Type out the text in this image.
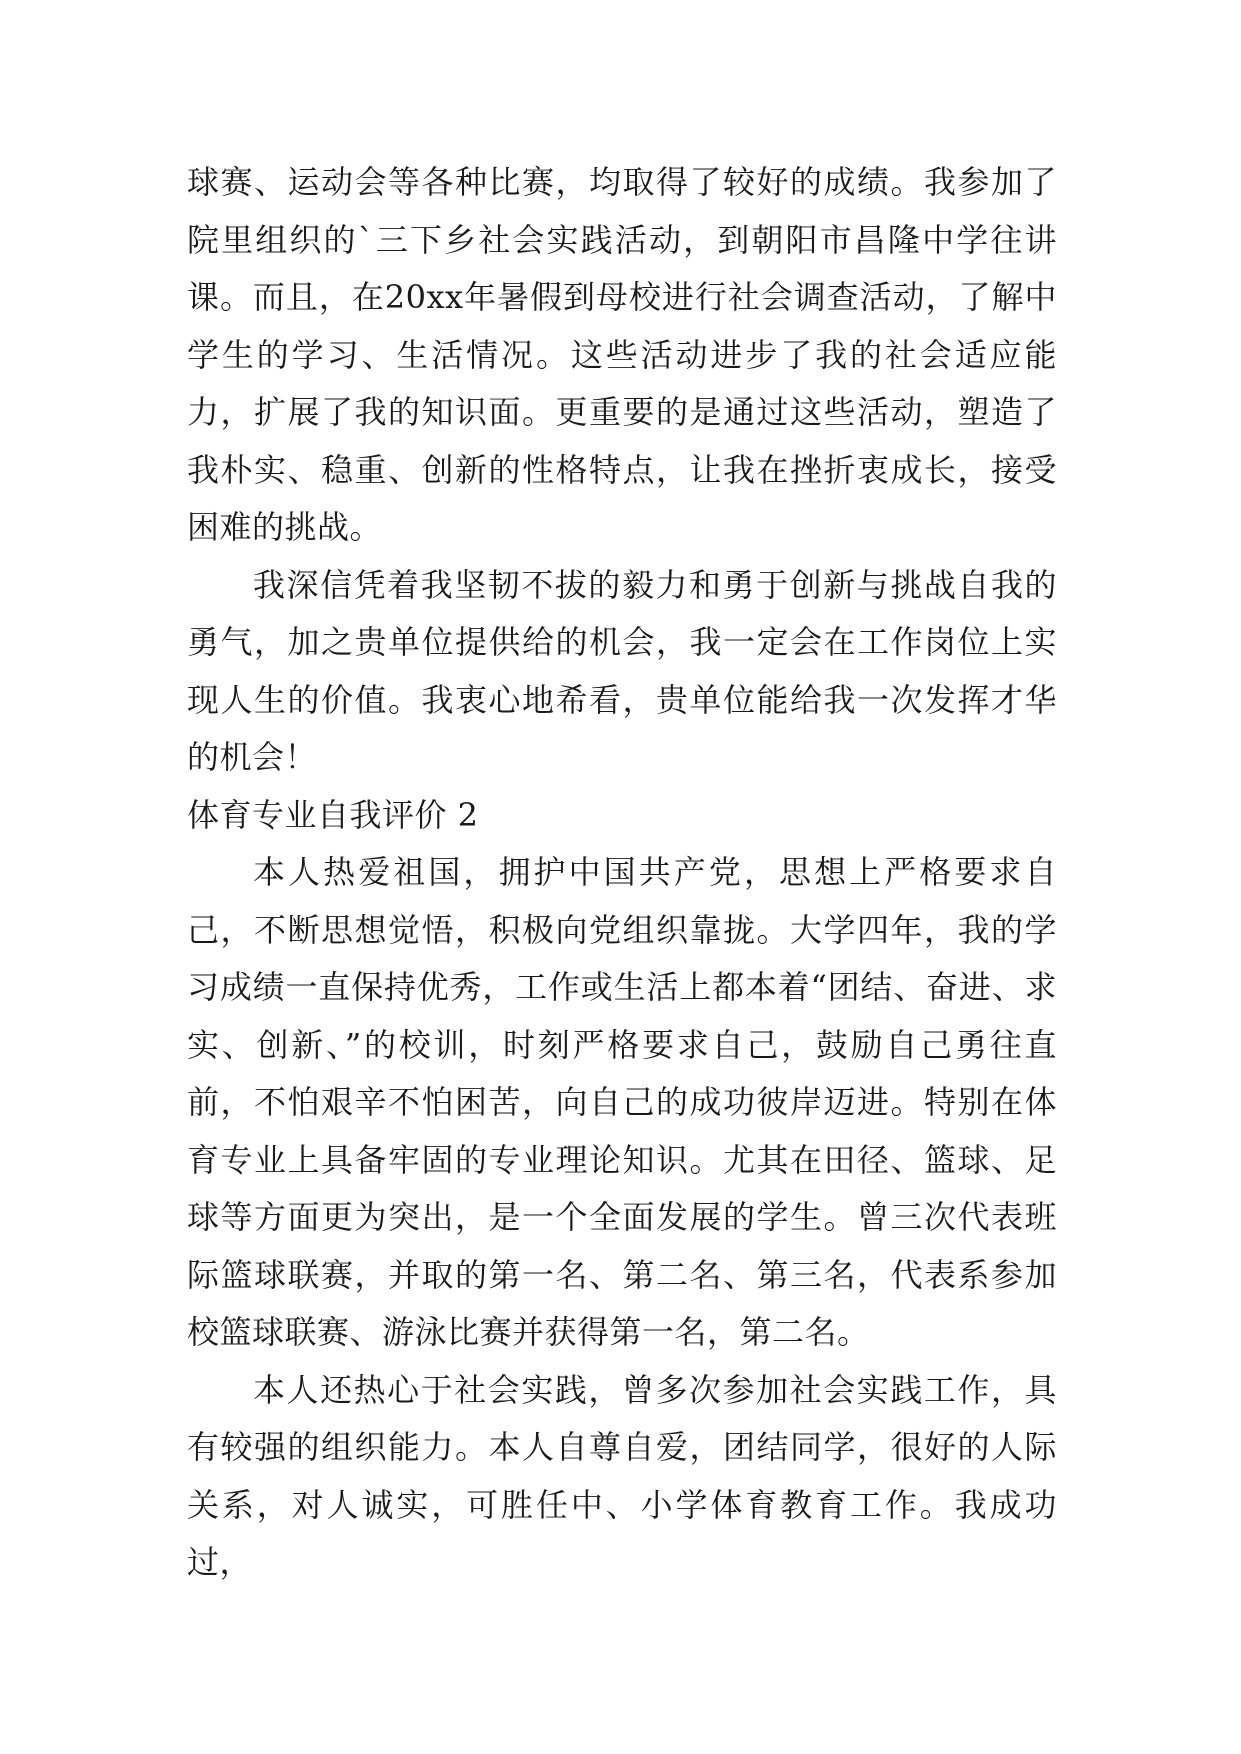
球赛、运动会等各种比赛，均取得了较好的成绩。我参加了院里组织的`三下乡社会实践活动，到朝阳市昌隆中学往讲课。而且，在20xx年暑假到母校进行社会调查活动，了解中学生的学习、生活情况。这些活动进步了我的社会适应能力，扩展了我的知识面。更重要的是通过这些活动，塑造了我朴实、稳重、创新的性格特点，让我在挫折衷成长，接受困难的挑战。

我深信凭着我坚韧不拔的毅力和勇于创新与挑战自我的勇气，加之贵单位提供给的机会，我一定会在工作岗位上实现人生的价值。我衷心地希看，贵单位能给我一次发挥才华的机会！

体育专业自我评价 2

本人热爱祖国，拥护中国共产党，思想上严格要求自己，不断思想觉悟，积极向党组织靠拢。大学四年，我的学习成绩一直保持优秀，工作或生活上都本着“团结、奋进、求实、创新、”的校训，时刻严格要求自己，鼓励自己勇往直前，不怕艰辛不怕困苦，向自己的成功彼岸迈进。特别在体育专业上具备牢固的专业理论知识。尤其在田径、篮球、足球等方面更为突出，是一个全面发展的学生。曾三次代表班际篮球联赛，并取的第一名、第二名、第三名，代表系参加校篮球联赛、游泳比赛并获得第一名，第二名。

本人还热心于社会实践，曾多次参加社会实践工作，具有较强的组织能力。本人自尊自爱，团结同学，很好的人际关系，对人诚实，可胜任中、小学体育教育工作。我成功过，
